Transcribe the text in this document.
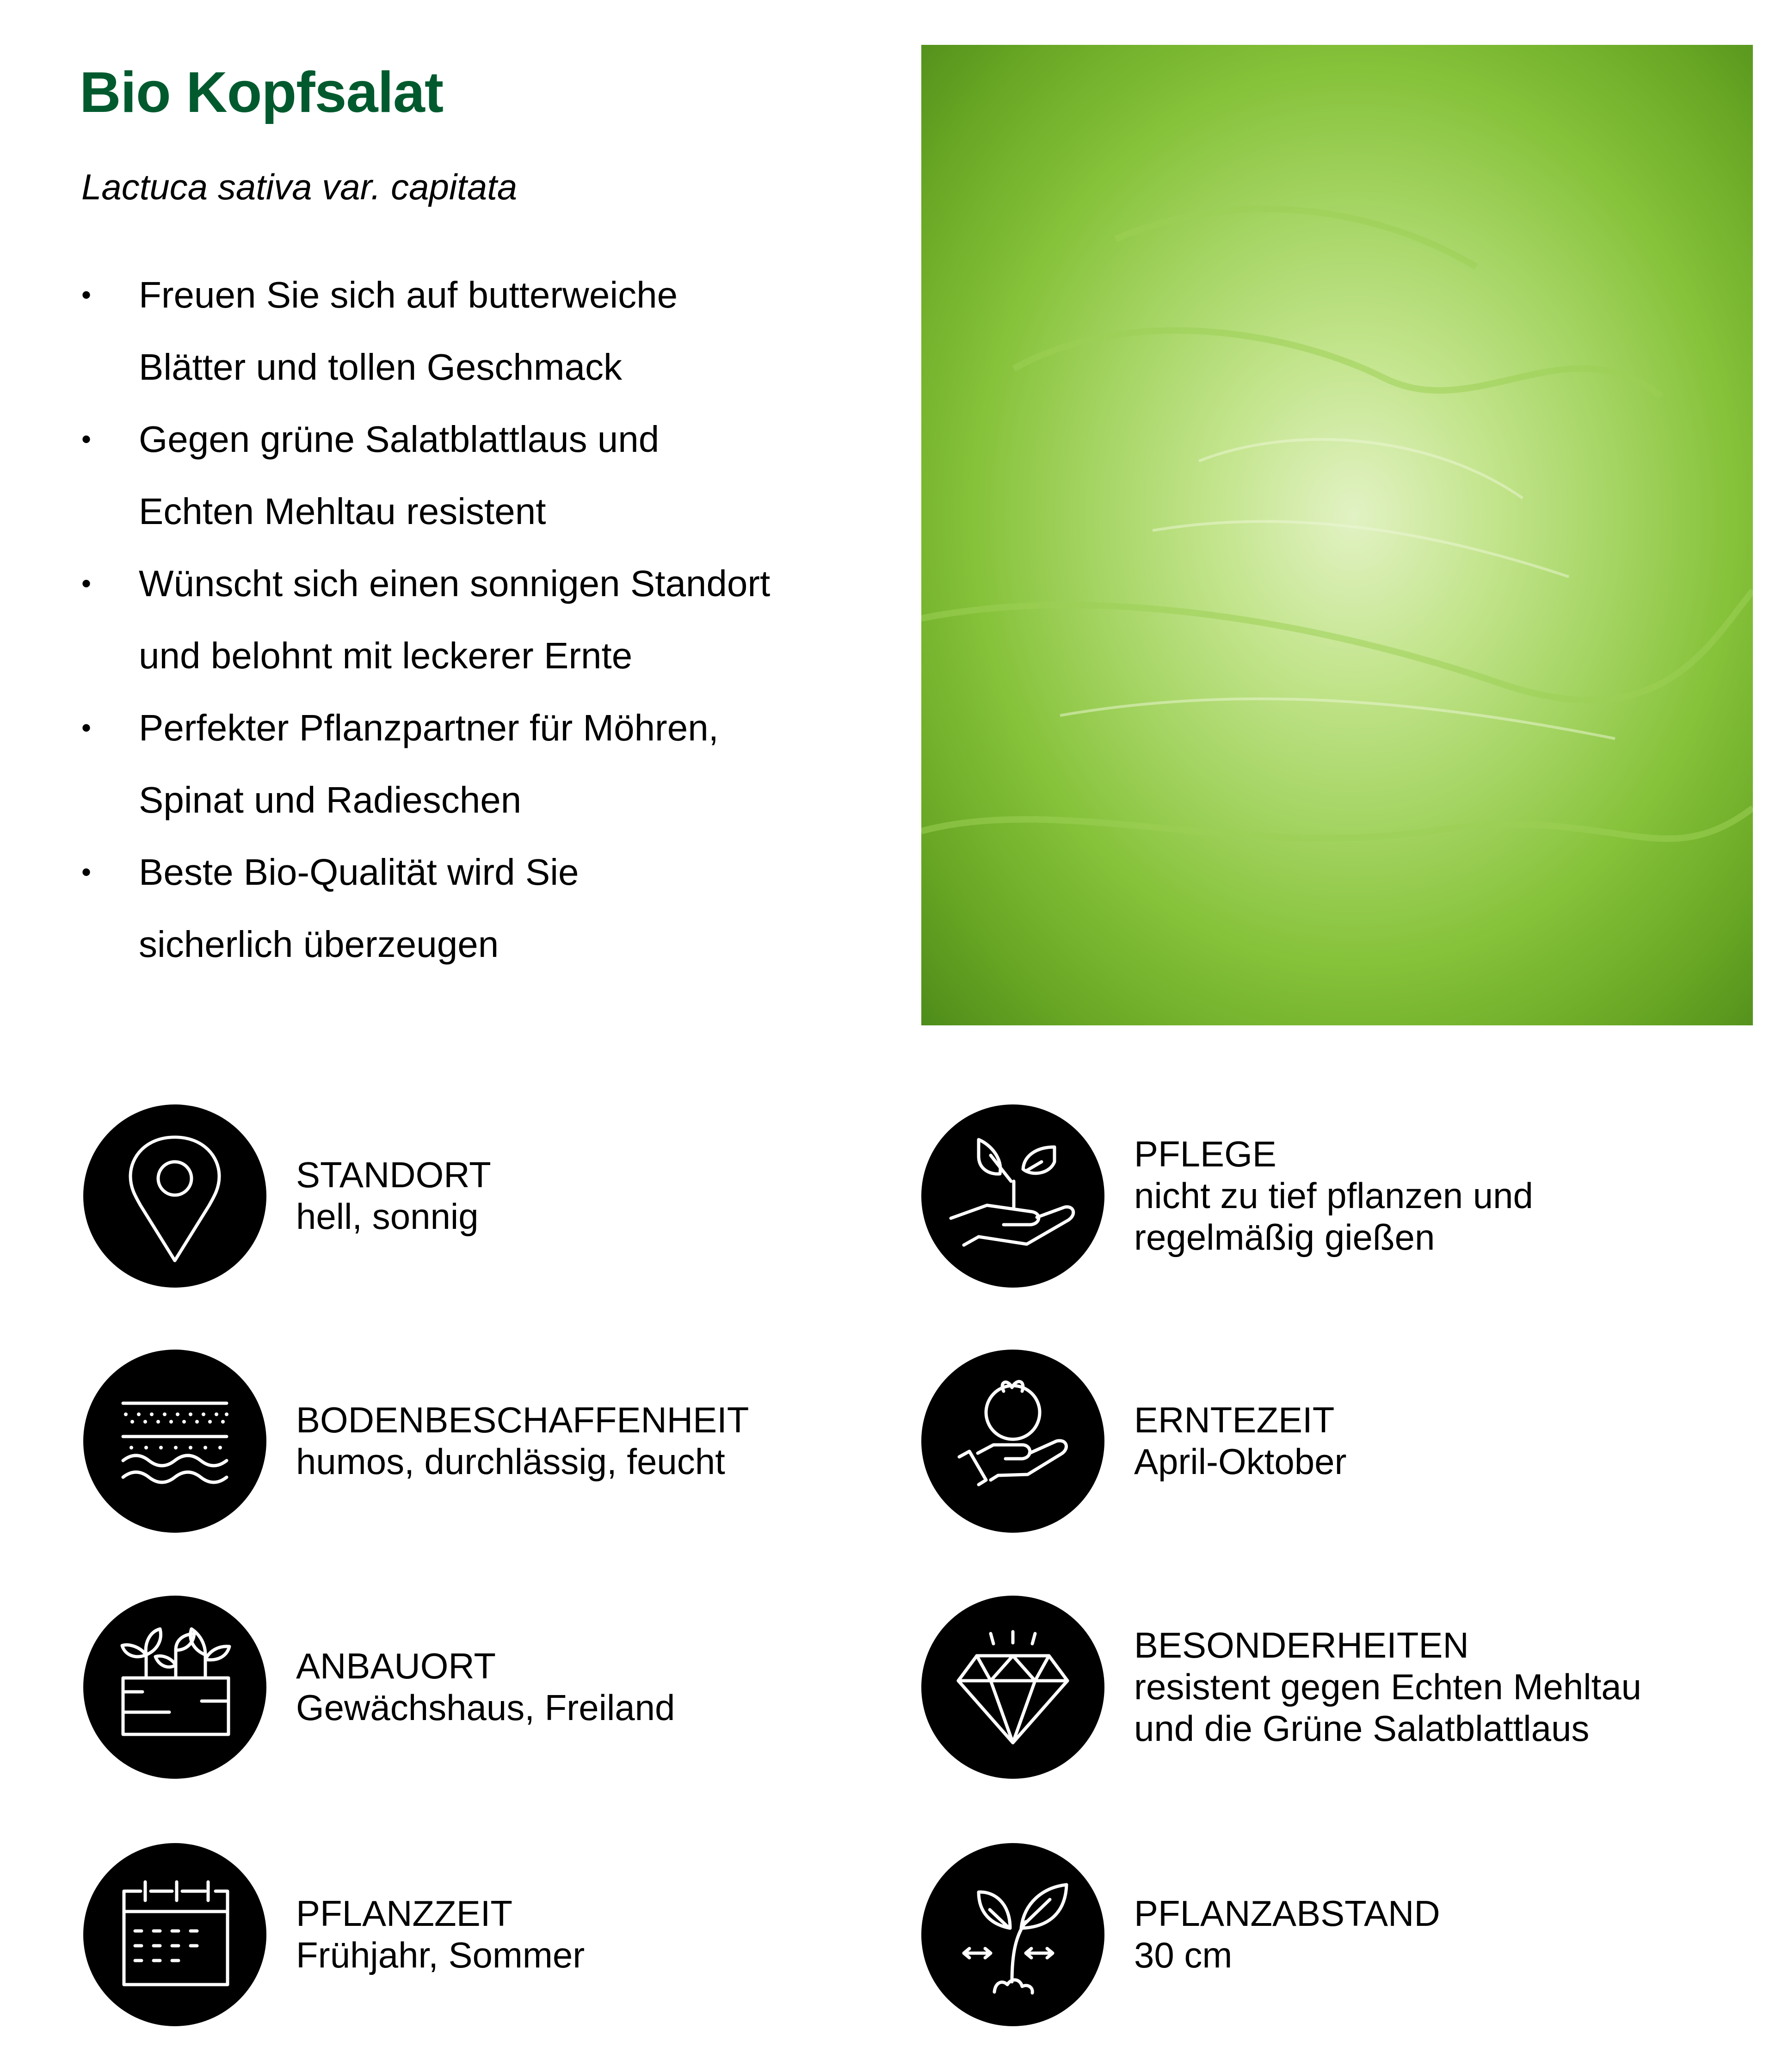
Bio Kopfsalat

Lactuca sativa var. capitata

• Freuen Sie sich auf butterweiche
Blätter und tollen Geschmack
• Gegen grüne Salatblattlaus und
Echten Mehltau resistent
• Wünscht sich einen sonnigen Standort
und belohnt mit leckerer Ernte
• Perfekter Pflanzpartner für Möhren,
Spinat und Radieschen
• Beste Bio-Qualität wird Sie
sicherlich überzeugen
STANDORT
hell, sonnig
PFLEGE
nicht zu tief pflanzen und
regelmäßig gießen
BODENBESCHAFFENHEIT
humos, durchlässig, feucht
ERNTEZEIT
April-Oktober
ANBAUORT
Gewächshaus, Freiland
BESONDERHEITEN
resistent gegen Echten Mehltau
und die Grüne Salatblattlaus
PFLANZZEIT
Frühjahr, Sommer
PFLANZABSTAND
30 cm
